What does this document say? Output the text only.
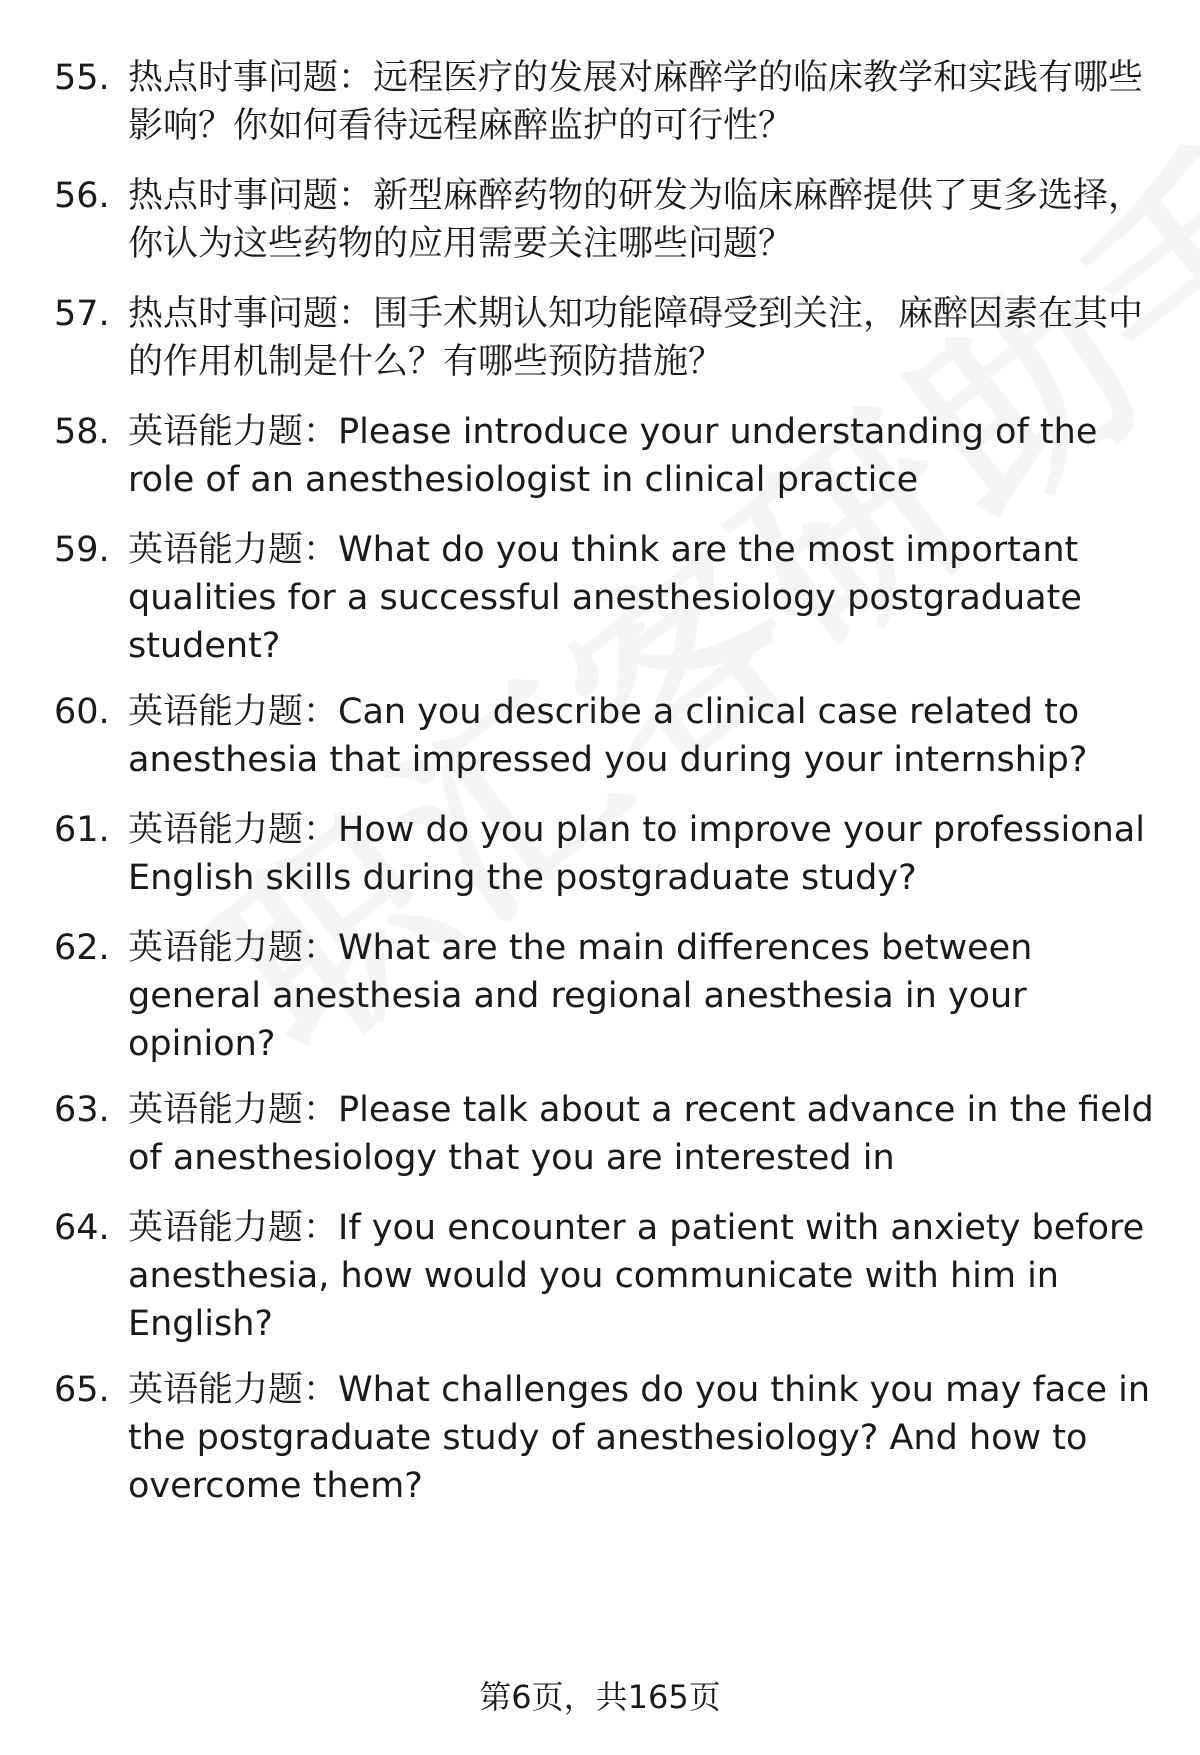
55. 热点时事问题：远程医疗的发展对麻醉学的临床教学和实践有哪些影响？你如何看待远程麻醉监护的可行性？
56. 热点时事问题：新型麻醉药物的研发为临床麻醉提供了更多选择，你认为这些药物的应用需要关注哪些问题？
57. 热点时事问题：围手术期认知功能障碍受到关注，麻醉因素在其中的作用机制是什么？有哪些预防措施？
58. 英语能力题：Please introduce your understanding of the role of an anesthesiologist in clinical practice
59. 英语能力题：What do you think are the most important qualities for a successful anesthesiology postgraduate student?
60. 英语能力题：Can you describe a clinical case related to anesthesia that impressed you during your internship?
61. 英语能力题：How do you plan to improve your professional English skills during the postgraduate study?
62. 英语能力题：What are the main differences between general anesthesia and regional anesthesia in your opinion?
63. 英语能力题：Please talk about a recent advance in the field of anesthesiology that you are interested in
64. 英语能力题：If you encounter a patient with anxiety before anesthesia, how would you communicate with him in English?
65. 英语能力题：What challenges do you think you may face in the postgraduate study of anesthesiology? And how to overcome them?
第6页，共165页
